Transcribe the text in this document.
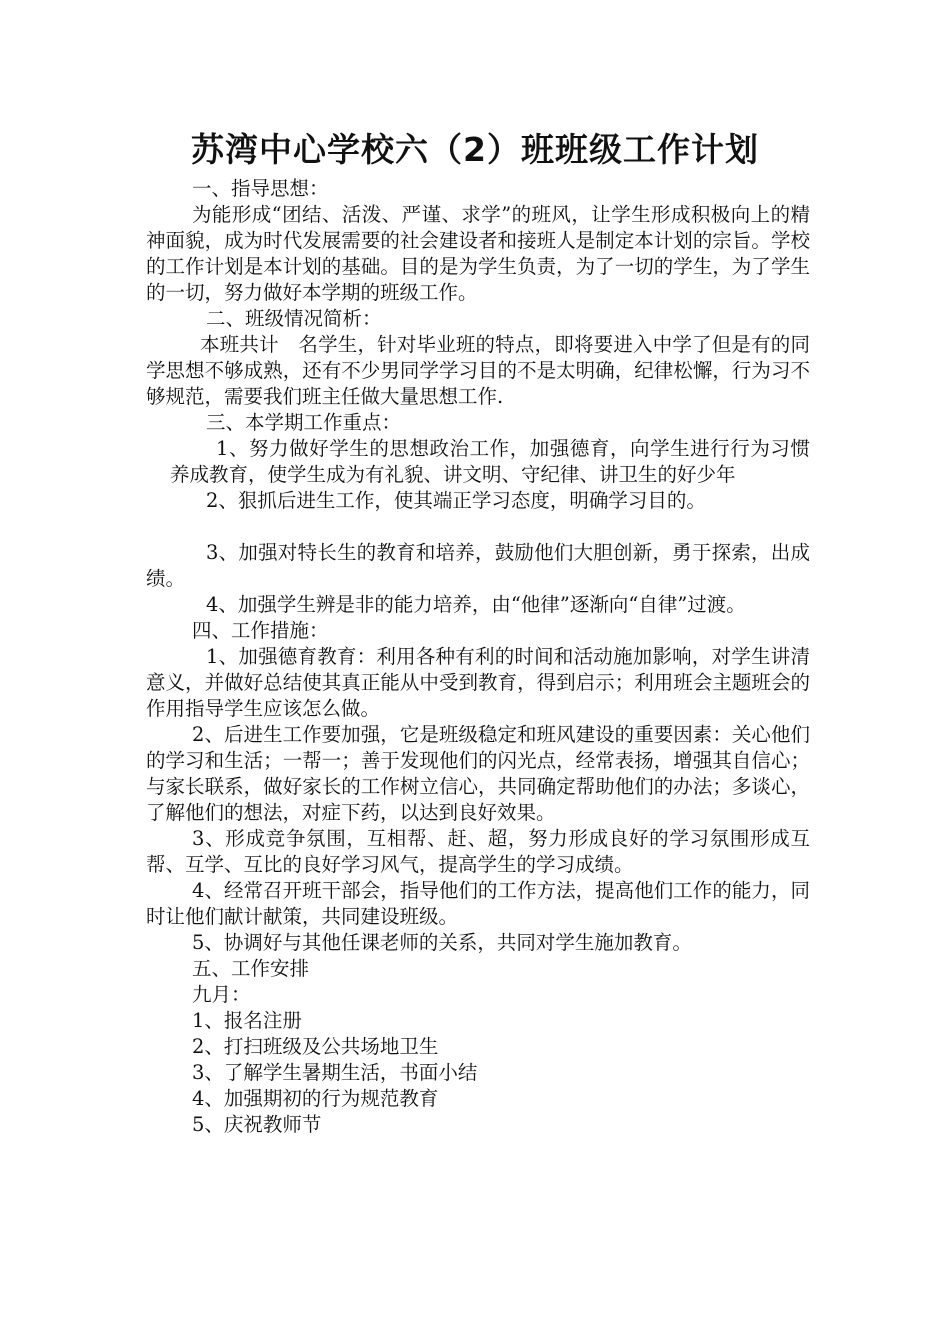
苏湾中心学校六（2）班班级工作计划

一、指导思想：

为能形成“团结、活泼、严谨、求学”的班风，让学生形成积极向上的精神面貌，成为时代发展需要的社会建设者和接班人是制定本计划的宗旨。学校的工作计划是本计划的基础。目的是为学生负责，为了一切的学生，为了学生的一切，努力做好本学期的班级工作。

二、班级情况简析：

本班共计　名学生，针对毕业班的特点，即将要进入中学了但是有的同学思想不够成熟，还有不少男同学学习目的不是太明确，纪律松懈，行为习不够规范，需要我们班主任做大量思想工作.

三、本学期工作重点：

1、努力做好学生的思想政治工作，加强德育，向学生进行行为习惯养成教育，使学生成为有礼貌、讲文明、守纪律、讲卫生的好少年

2、狠抓后进生工作，使其端正学习态度，明确学习目的。

3、加强对特长生的教育和培养，鼓励他们大胆创新，勇于探索，出成绩。

4、加强学生辨是非的能力培养，由“他律”逐渐向“自律”过渡。

四、工作措施：

1、加强德育教育：利用各种有利的时间和活动施加影响，对学生讲清意义，并做好总结使其真正能从中受到教育，得到启示；利用班会主题班会的作用指导学生应该怎么做。

2、后进生工作要加强，它是班级稳定和班风建设的重要因素：关心他们的学习和生活；一帮一；善于发现他们的闪光点，经常表扬，增强其自信心；与家长联系，做好家长的工作树立信心，共同确定帮助他们的办法；多谈心，了解他们的想法，对症下药，以达到良好效果。

3、形成竞争氛围，互相帮、赶、超，努力形成良好的学习氛围形成互帮、互学、互比的良好学习风气，提高学生的学习成绩。

4、经常召开班干部会，指导他们的工作方法，提高他们工作的能力，同时让他们献计献策，共同建设班级。

5、协调好与其他任课老师的关系，共同对学生施加教育。

五、工作安排

九月：

1、报名注册

2、打扫班级及公共场地卫生

3、了解学生暑期生活，书面小结

4、加强期初的行为规范教育

5、庆祝教师节
